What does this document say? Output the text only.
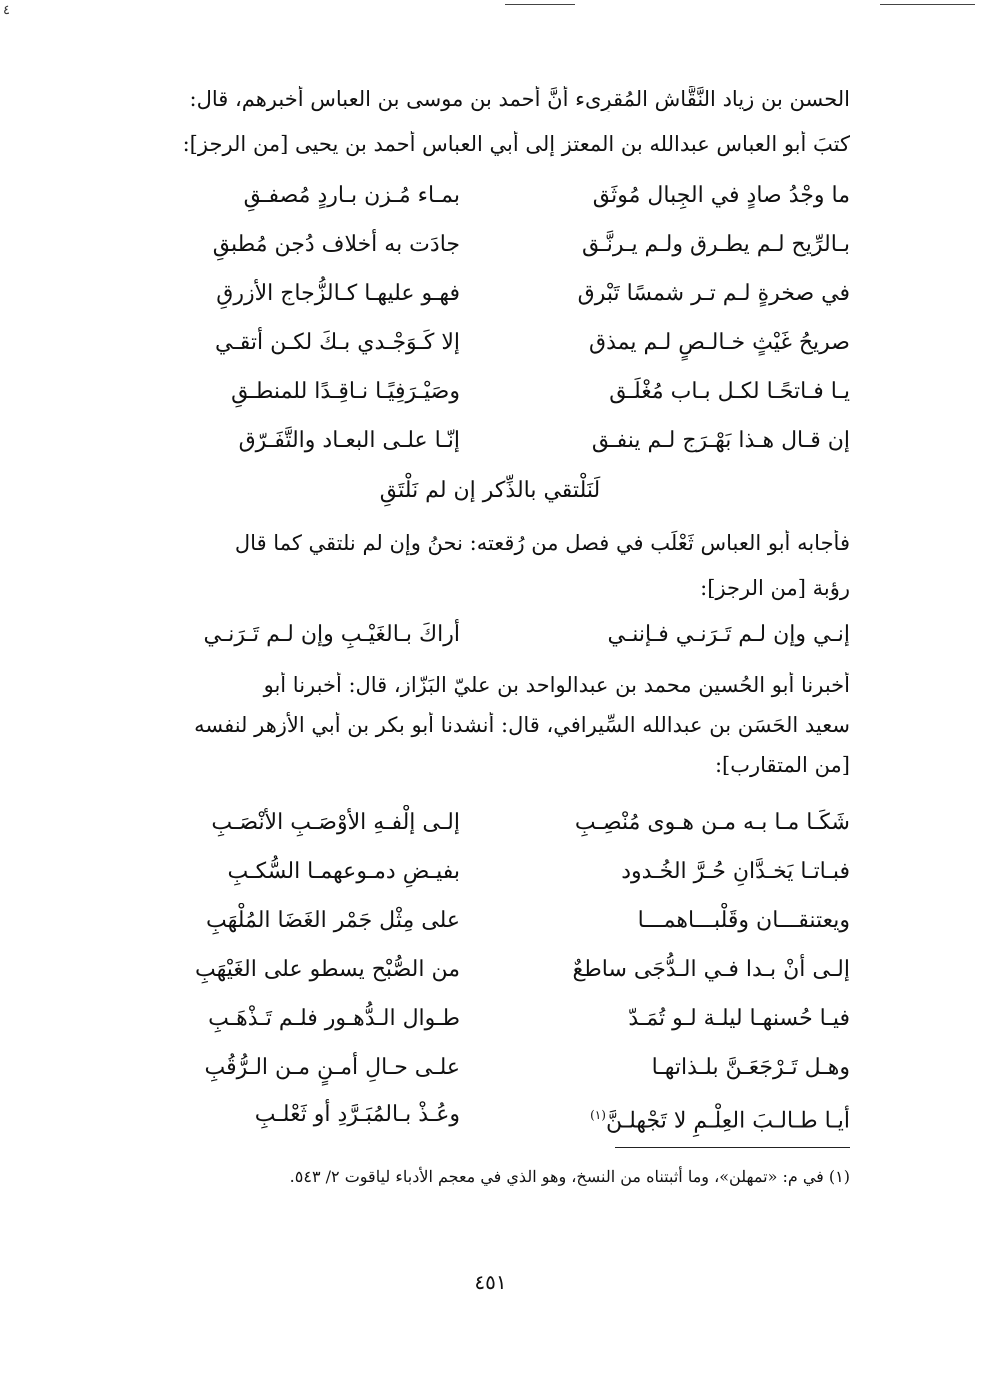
٤
الحسن بن زياد النَّقَّاش المُقرِىء أنَّ أحمد بن موسى بن العباس أخبرهم، قال:
كتبَ أبو العباس عبدالله بن المعتز إلى أبي العباس أحمد بن يحيى [من الرجز]:
ما وجْدُ صادٍ في الجِبال مُوثَق
بمـاء مُـزن بـاردٍ مُصفـقِ
بـالرِّيح لـم يطـرق ولـم يـرنَّـق
جادَت به أخلاف دُجن مُطبقِ
في صخرةٍ لـم تـر شمسًا تَبْرق
فهـو عليهـا كـالزُّجاج الأزرقِ
صريحُ غَيْثٍ خـالـصٍ لـم يمذق
إلا كَـوَجْـدي بـكَ لكـن أتقـي
يـا فـاتحًـا لكـل بـاب مُغْلَـق
وصَيْـرَفِيًـا نـاقِـدًا للمنطـقِ
إن قـال هـذا بَهْـرَج لـم ينفـق
إنّـا علـى البعـاد والتَّفَـرّق
لَنَلْتقي بالذِّكر إن لم نَلْتَقِ
فأجابه أبو العباس ثَعْلَب في فصل من رُقعته: نحنُ وإن لم نلتقي كما قال
رؤبة [من الرجز]:
إنـي وإن لـم تَـرَنـي فـإننـي
أراكَ بـالغَيْـبِ وإن لـم تَـرَنـي
أخبرنا أبو الحُسين محمد بن عبدالواحد بن عليّ البَزّاز، قال: أخبرنا أبو
سعيد الحَسَن بن عبدالله السِّيرافي، قال: أنشدنا أبو بكر بن أبي الأزهر لنفسه
[من المتقارب]:
شَكَـا مـا بـه مـن هـوى مُنْصِـبِ
إلـى إلْفـهِ الأوْصَـبِ الأنْصَـبِ
فبـاتـا يَخـدَّانِ حُـرَّ الخُـدود
بفيـضِ دمـوعهمـا السُّكـبِ
ويعتنقـــان وقَلْبـــاهمـــا
على مِثْل جَمْر الغَضَا المُلْهَبِ
إلـى أنْ بـدا فـي الـدُّجَى ساطعٌ
من الصُّبْح يسطو على الغَيْهَبِ
فيـا حُسنهـا ليلـة لـو تُمَـدّ
طـوال الـدُّهـور فلـم تَـذْهَـبِ
وهـل تَـرْجَعَـنَّ بلـذاتهـا
علـى حـالِ أمـنٍ مـن الـرُّقُبِ
أيـا طـالـبَ العِلْـمِ لا تَجْهلـنَّ$^{(١)}$
وعُـذْ بـالمُبَـرَّدِ أو ثَعْلـبِ
(١) في م: «تمهلن»، وما أثبتناه من النسخ، وهو الذي في معجم الأدباء لياقوت ٢/ ٥٤٣.
٤٥١
